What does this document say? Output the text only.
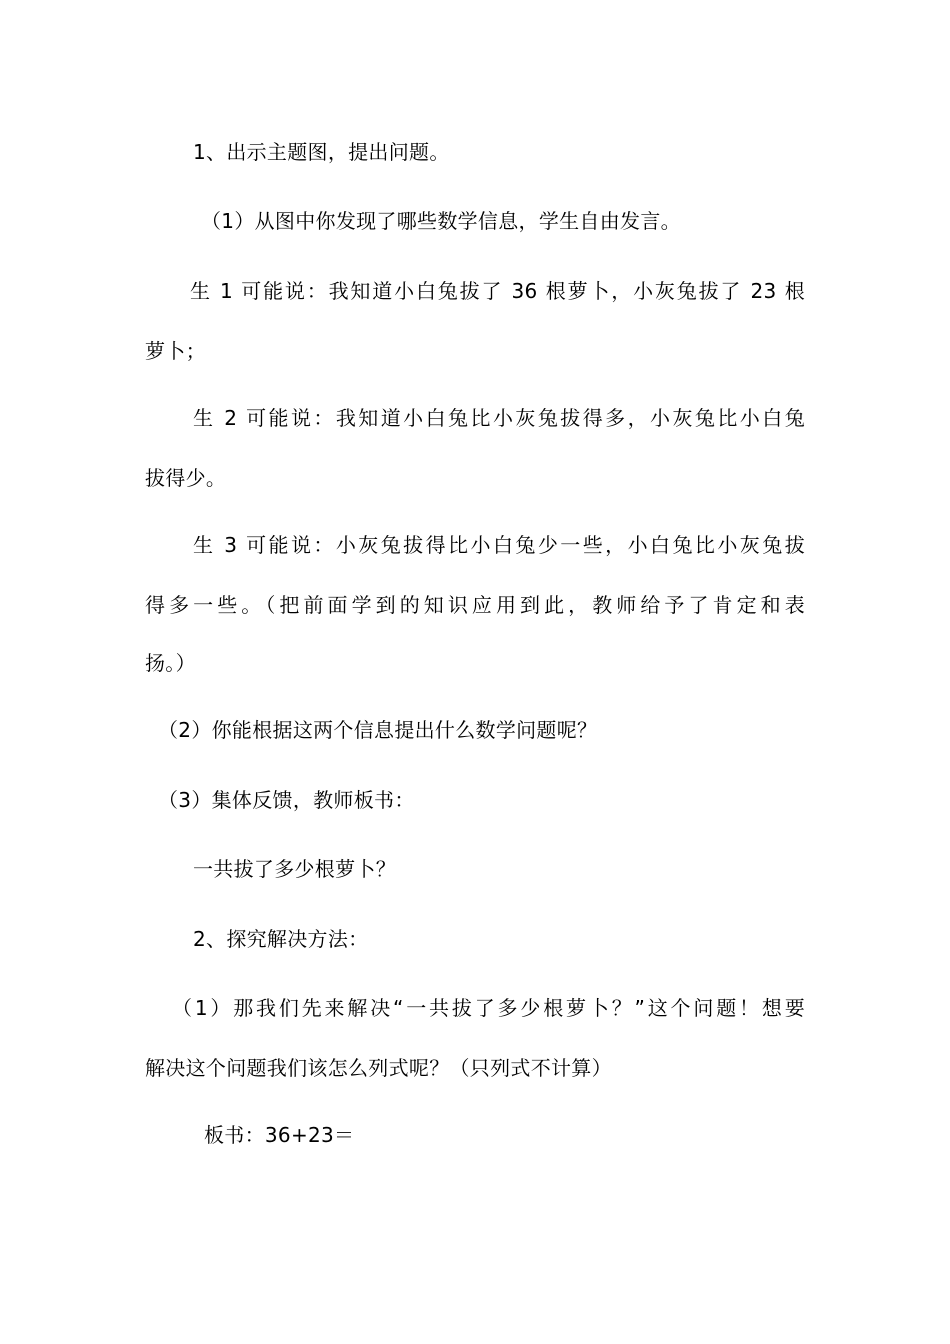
1、出示主题图，提出问题。
（1）从图中你发现了哪些数学信息，学生自由发言。
生 1 可能说：我知道小白兔拔了 36 根萝卜，小灰兔拔了 23 根
萝卜；
生 2 可能说：我知道小白兔比小灰兔拔得多，小灰兔比小白兔
拔得少。
生 3 可能说：小灰兔拔得比小白兔少一些，小白兔比小灰兔拔
得多一些。（把前面学到的知识应用到此，教师给予了肯定和表
扬。）
（2）你能根据这两个信息提出什么数学问题呢？
（3）集体反馈，教师板书：
一共拔了多少根萝卜？
2、探究解决方法：
（1）那我们先来解决“一共拔了多少根萝卜？”这个问题！想要
解决这个问题我们该怎么列式呢？（只列式不计算）
板书：36+23＝
